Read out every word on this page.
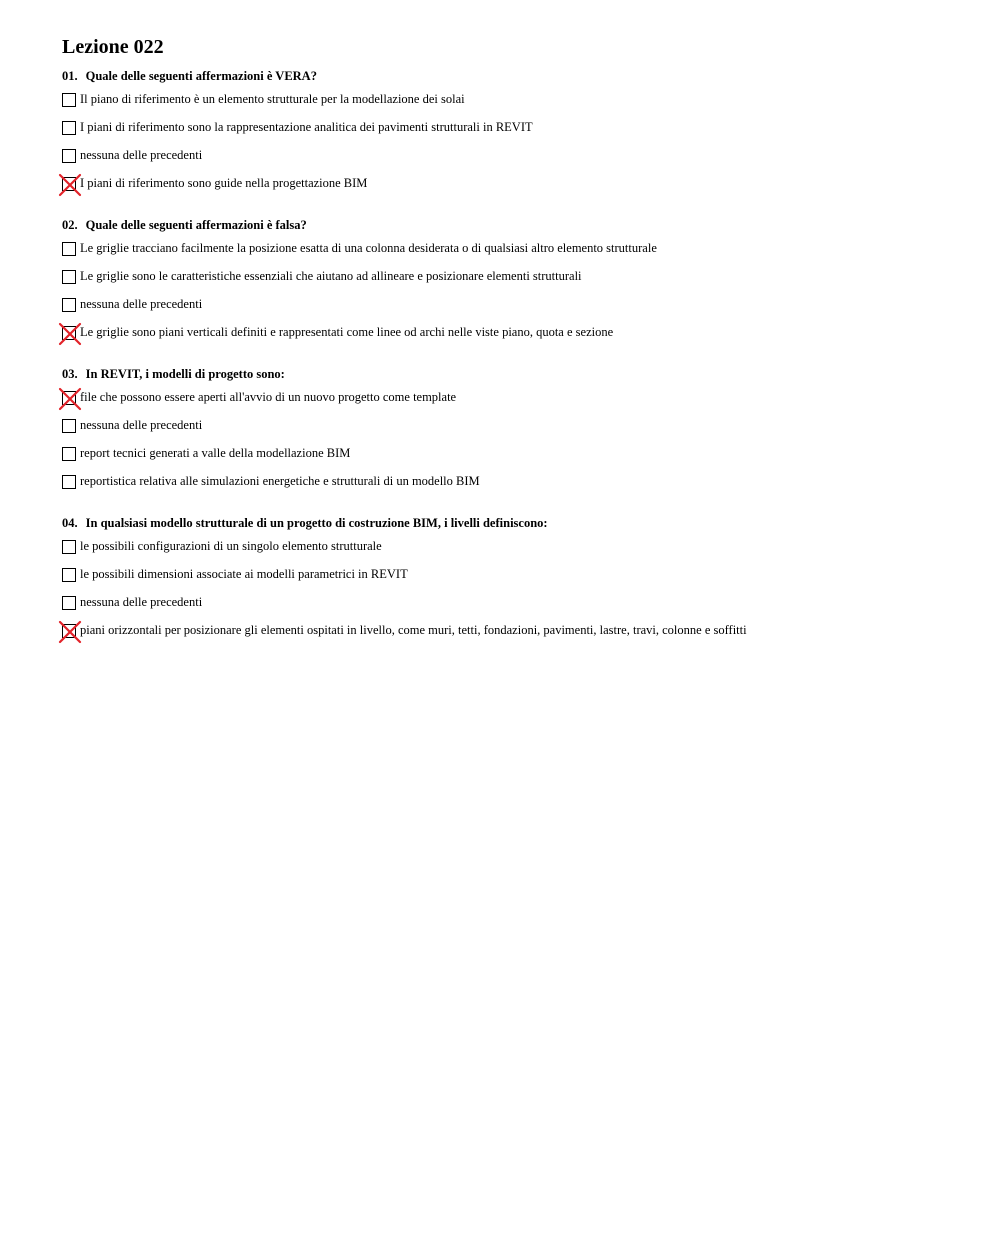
Lezione 022
01. Quale delle seguenti affermazioni è VERA?
Il piano di riferimento è un elemento strutturale per la modellazione dei solai
I piani di riferimento sono la rappresentazione analitica dei pavimenti strutturali in REVIT
nessuna delle precedenti
I piani di riferimento sono guide nella progettazione BIM
02. Quale delle seguenti affermazioni è falsa?
Le griglie tracciano facilmente la posizione esatta di una colonna desiderata o di qualsiasi altro elemento strutturale
Le griglie sono le caratteristiche essenziali che aiutano ad allineare e posizionare elementi strutturali
nessuna delle precedenti
Le griglie sono piani verticali definiti e rappresentati come linee od archi nelle viste piano, quota e sezione
03. In REVIT, i modelli di progetto sono:
file che possono essere aperti all'avvio di un nuovo progetto come template
nessuna delle precedenti
report tecnici generati a valle della modellazione BIM
reportistica relativa alle simulazioni energetiche e strutturali di un modello BIM
04. In qualsiasi modello strutturale di un progetto di costruzione BIM, i livelli definiscono:
le possibili configurazioni di un singolo elemento strutturale
le possibili dimensioni associate ai modelli parametrici in REVIT
nessuna delle precedenti
piani orizzontali per posizionare gli elementi ospitati in livello, come muri, tetti, fondazioni, pavimenti, lastre, travi, colonne e soffitti
